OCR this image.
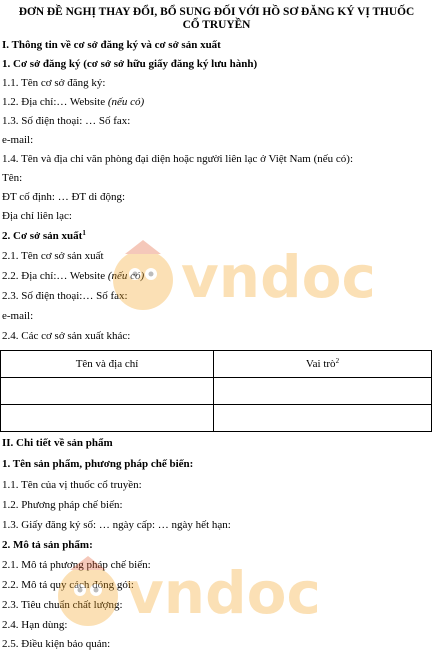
ĐƠN ĐỀ NGHỊ THAY ĐỔI, BỔ SUNG ĐỐI VỚI HỒ SƠ ĐĂNG KÝ VỊ THUỐC CỔ TRUYỀN
I. Thông tin về cơ sở đăng ký và cơ sở sản xuất
1. Cơ sở đăng ký (cơ sở sở hữu giấy đăng ký lưu hành)
1.1. Tên cơ sở đăng ký:
1.2. Địa chỉ:… Website (nếu có)
1.3. Số điện thoại: … Số fax:
e-mail:
1.4. Tên và địa chỉ văn phòng đại diện hoặc người liên lạc ở Việt Nam (nếu có):
Tên:
ĐT cố định: … ĐT di động:
Địa chỉ liên lạc:
2. Cơ sở sản xuất$^1$
2.1. Tên cơ sở sản xuất
2.2. Địa chỉ:… Website (nếu có)
2.3. Số điện thoại:… Số fax:
e-mail:
2.4. Các cơ sở sản xuất khác:
Tên và địa chỉ	Vai trò$^2$

II. Chi tiết về sản phẩm
1. Tên sản phẩm, phương pháp chế biến:
1.1. Tên của vị thuốc cổ truyền:
1.2. Phương pháp chế biến:
1.3. Giấy đăng ký số: … ngày cấp: … ngày hết hạn:
2. Mô tả sản phẩm:
2.1. Mô tả phương pháp chế biến:
2.2. Mô tả quy cách đóng gói:
2.3. Tiêu chuẩn chất lượng:
2.4. Hạn dùng:
2.5. Điều kiện bảo quản:
vndoc
vndoc
